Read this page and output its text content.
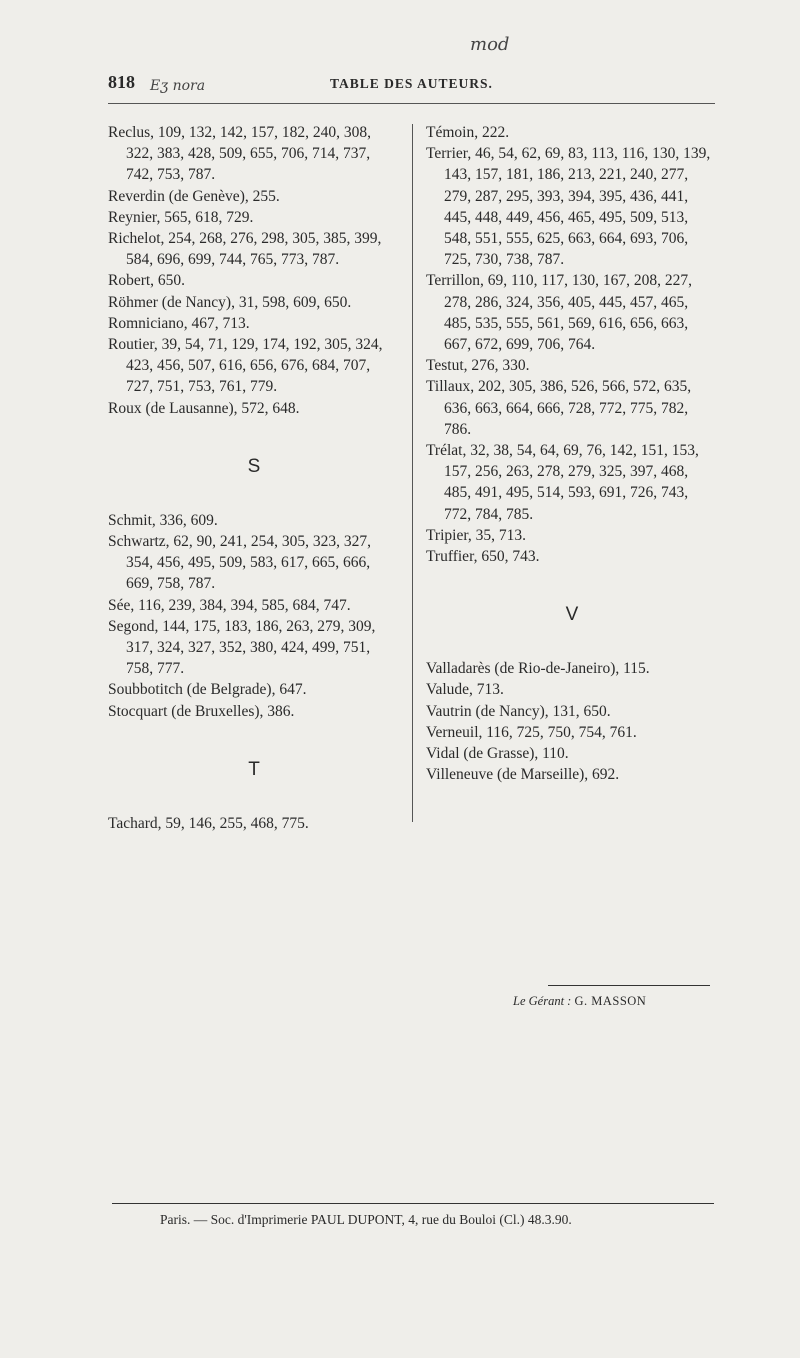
818 Eʒ nora
mod
TABLE DES AUTEURS.
Reclus, 109, 132, 142, 157, 182, 240, 308, 322, 383, 428, 509, 655, 706, 714, 737, 742, 753, 787.
Reverdin (de Genève), 255.
Reynier, 565, 618, 729.
Richelot, 254, 268, 276, 298, 305, 385, 399, 584, 696, 699, 744, 765, 773, 787.
Robert, 650.
Röhmer (de Nancy), 31, 598, 609, 650.
Romniciano, 467, 713.
Routier, 39, 54, 71, 129, 174, 192, 305, 324, 423, 456, 507, 616, 656, 676, 684, 707, 727, 751, 753, 761, 779.
Roux (de Lausanne), 572, 648.
S
Schmit, 336, 609.
Schwartz, 62, 90, 241, 254, 305, 323, 327, 354, 456, 495, 509, 583, 617, 665, 666, 669, 758, 787.
Sée, 116, 239, 384, 394, 585, 684, 747.
Segond, 144, 175, 183, 186, 263, 279, 309, 317, 324, 327, 352, 380, 424, 499, 751, 758, 777.
Soubbotitch (de Belgrade), 647.
Stocquart (de Bruxelles), 386.
T
Tachard, 59, 146, 255, 468, 775.
Témoin, 222.
Terrier, 46, 54, 62, 69, 83, 113, 116, 130, 139, 143, 157, 181, 186, 213, 221, 240, 277, 279, 287, 295, 393, 394, 395, 436, 441, 445, 448, 449, 456, 465, 495, 509, 513, 548, 551, 555, 625, 663, 664, 693, 706, 725, 730, 738, 787.
Terrillon, 69, 110, 117, 130, 167, 208, 227, 278, 286, 324, 356, 405, 445, 457, 465, 485, 535, 555, 561, 569, 616, 656, 663, 667, 672, 699, 706, 764.
Testut, 276, 330.
Tillaux, 202, 305, 386, 526, 566, 572, 635, 636, 663, 664, 666, 728, 772, 775, 782, 786.
Trélat, 32, 38, 54, 64, 69, 76, 142, 151, 153, 157, 256, 263, 278, 279, 325, 397, 468, 485, 491, 495, 514, 593, 691, 726, 743, 772, 784, 785.
Tripier, 35, 713.
Truffier, 650, 743.
V
Valladarès (de Rio-de-Janeiro), 115.
Valude, 713.
Vautrin (de Nancy), 131, 650.
Verneuil, 116, 725, 750, 754, 761.
Vidal (de Grasse), 110.
Villeneuve (de Marseille), 692.
Le Gérant : G. MASSON
Paris. — Soc. d'Imprimerie PAUL DUPONT, 4, rue du Bouloi (Cl.) 48.3.90.
